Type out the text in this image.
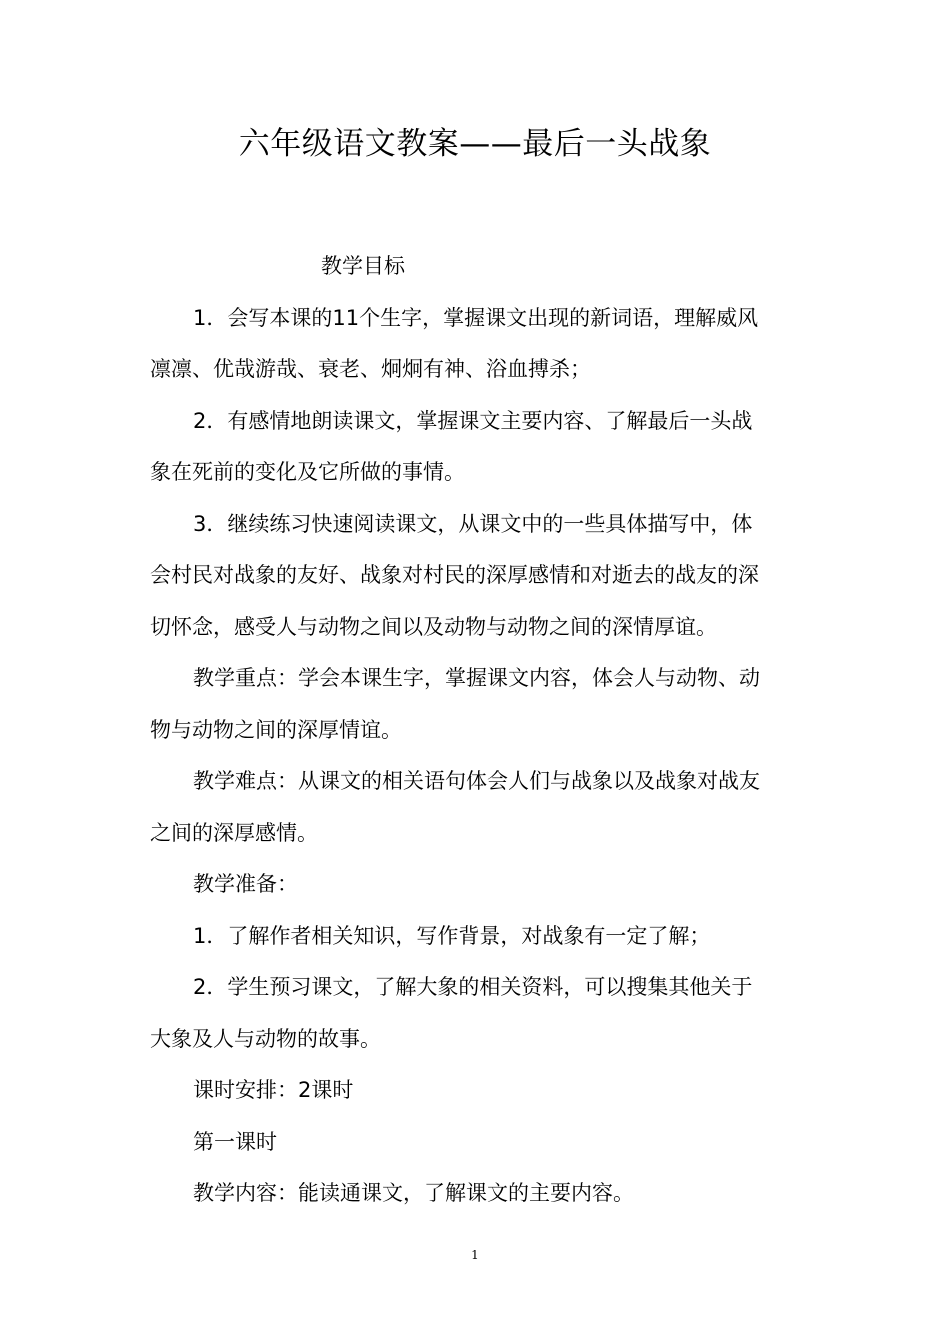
六年级语文教案——最后一头战象

教学目标

1．会写本课的11个生字，掌握课文出现的新词语，理解威风

凛凛、优哉游哉、衰老、炯炯有神、浴血搏杀；

2．有感情地朗读课文，掌握课文主要内容、了解最后一头战

象在死前的变化及它所做的事情。

3．继续练习快速阅读课文，从课文中的一些具体描写中，体

会村民对战象的友好、战象对村民的深厚感情和对逝去的战友的深

切怀念，感受人与动物之间以及动物与动物之间的深情厚谊。

教学重点：学会本课生字，掌握课文内容，体会人与动物、动

物与动物之间的深厚情谊。

教学难点：从课文的相关语句体会人们与战象以及战象对战友

之间的深厚感情。

教学准备：

1．了解作者相关知识，写作背景，对战象有一定了解；

2．学生预习课文，了解大象的相关资料，可以搜集其他关于

大象及人与动物的故事。

课时安排：2课时

第一课时

教学内容：能读通课文，了解课文的主要内容。

1
